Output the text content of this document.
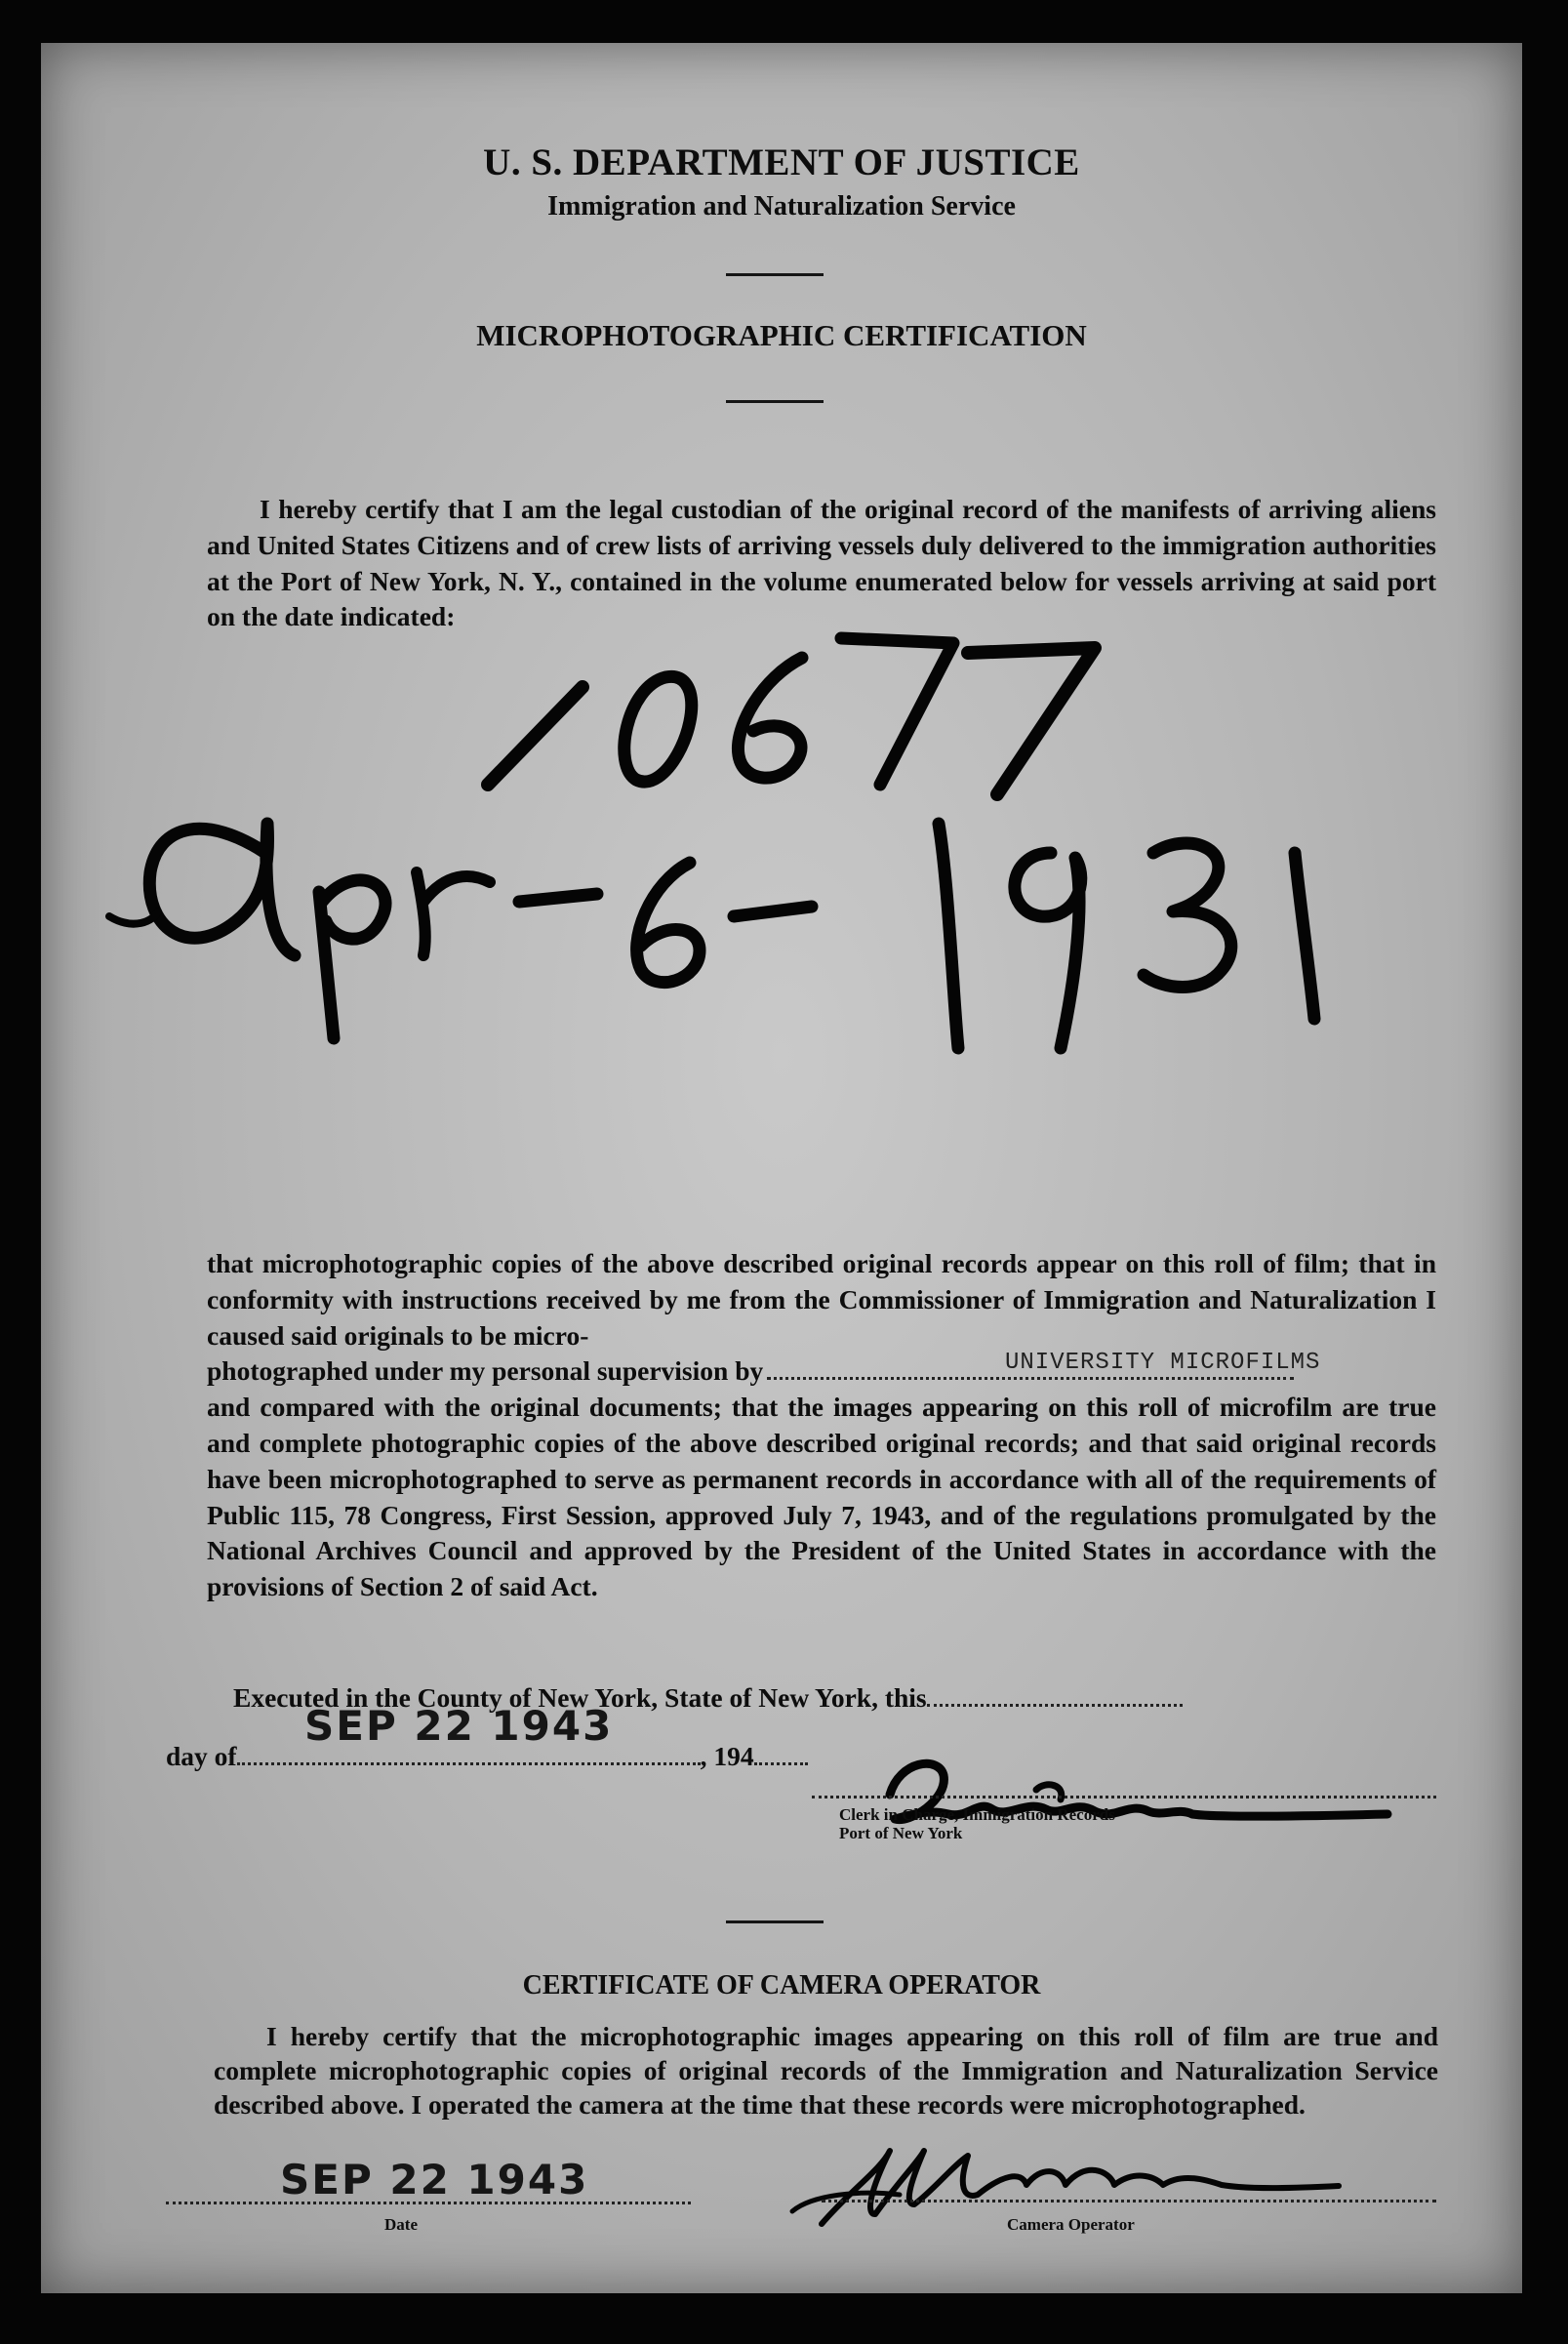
U. S. DEPARTMENT OF JUSTICE
Immigration and Naturalization Service
MICROPHOTOGRAPHIC CERTIFICATION
I hereby certify that I am the legal custodian of the original record of the manifests of arriving aliens and United States Citizens and of crew lists of arriving vessels duly delivered to the immigration authorities at the Port of New York, N. Y., contained in the volume enumerated below for vessels arriving at said port on the date indicated:
that microphotographic copies of the above described original records appear on this roll of film; that in conformity with instructions received by me from the Commissioner of Immigration and Naturalization I caused said originals to be micro-
photographed under my personal supervision by	UNIVERSITY MICROFILMS
and compared with the original documents; that the images appearing on this roll of microfilm are true and complete photographic copies of the above described original records; and that said original records have been microphotographed to serve as permanent records in accordance with all of the requirements of Public 115, 78 Congress, First Session, approved July 7, 1943, and of the regulations promulgated by the National Archives Council and approved by the President of the United States in accordance with the provisions of Section 2 of said Act.
Executed in the County of New York, State of New York, this
day of	, 194
SEP 22 1943
Clerk in Charge, Immigration Records
Port of New York
CERTIFICATE OF CAMERA OPERATOR
I hereby certify that the microphotographic images appearing on this roll of film are true and complete microphotographic copies of original records of the Immigration and Naturalization Service described above. I operated the camera at the time that these records were microphotographed.
SEP 22 1943
Date	Camera Operator
